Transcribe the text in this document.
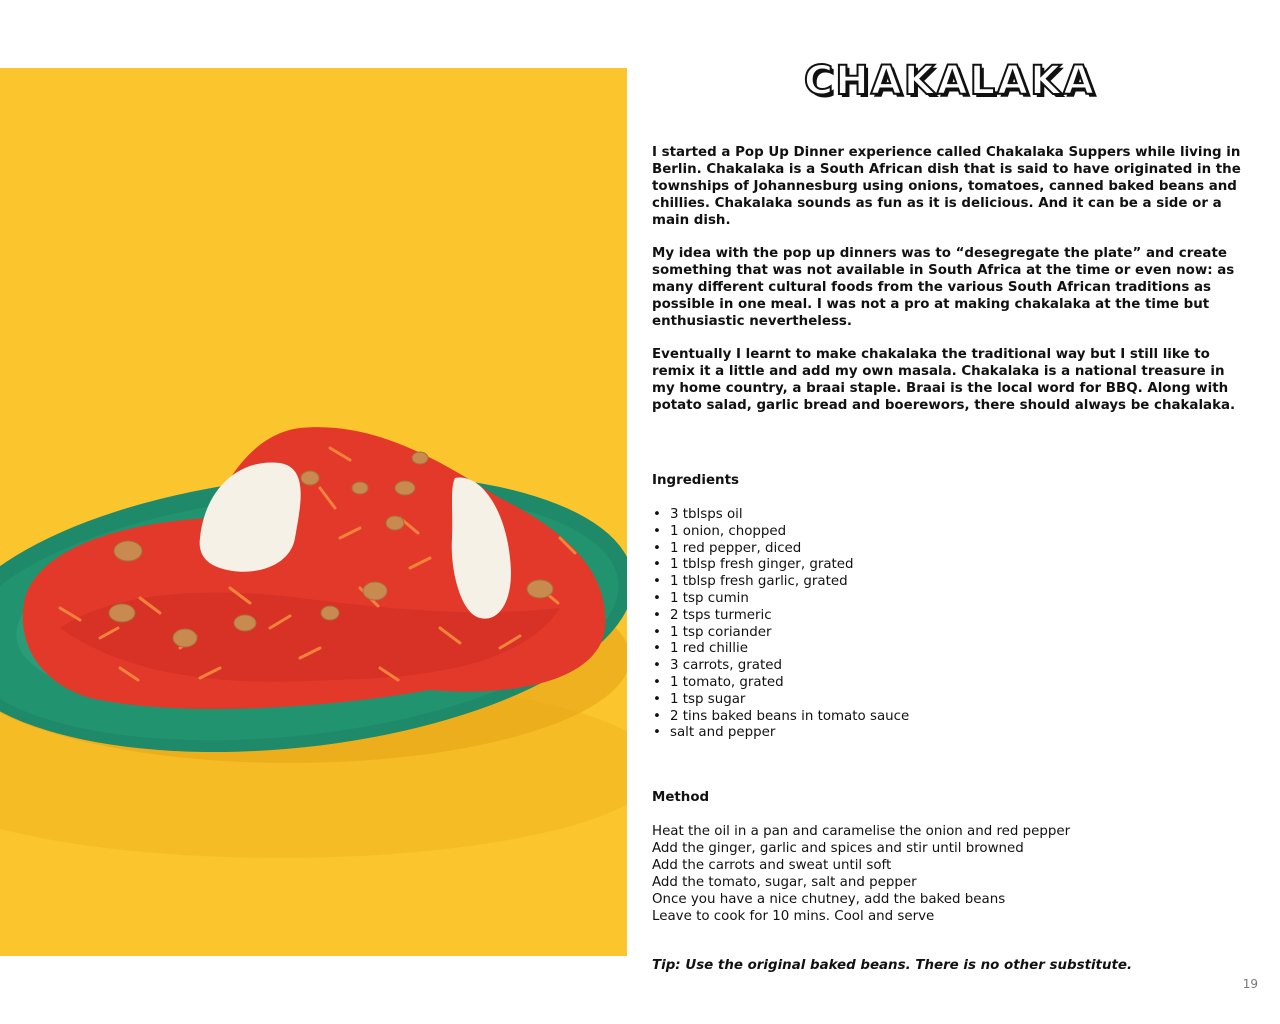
CHAKALAKA

I started a Pop Up Dinner experience called Chakalaka Suppers while living in Berlin. Chakalaka is a South African dish that is said to have originated in the townships of Johannesburg using onions, tomatoes, canned baked beans and chillies. Chakalaka sounds as fun as it is delicious. And it can be a side or a main dish.

My idea with the pop up dinners was to “desegregate the plate” and create something that was not available in South Africa at the time or even now: as many different cultural foods from the various South African traditions as possible in one meal. I was not a pro at making chakalaka at the time but enthusiastic nevertheless.

Eventually I learnt to make chakalaka the traditional way but I still like to remix it a little and add my own masala. Chakalaka is a national treasure in my home country, a braai staple. Braai is the local word for BBQ. Along with potato salad, garlic bread and boerewors, there should always be chakalaka.

Ingredients

• 3 tblsps oil
• 1 onion, chopped
• 1 red pepper, diced
• 1 tblsp fresh ginger, grated
• 1 tblsp fresh garlic, grated
• 1 tsp cumin
• 2 tsps turmeric
• 1 tsp coriander
• 1 red chillie
• 3 carrots, grated
• 1 tomato, grated
• 1 tsp sugar
• 2 tins baked beans in tomato sauce
• salt and pepper

Method

Heat the oil in a pan and caramelise the onion and red pepper
Add the ginger, garlic and spices and stir until browned
Add the carrots and sweat until soft
Add the tomato, sugar, salt and pepper
Once you have a nice chutney, add the baked beans
Leave to cook for 10 mins. Cool and serve

Tip: Use the original baked beans. There is no other substitute.

19
